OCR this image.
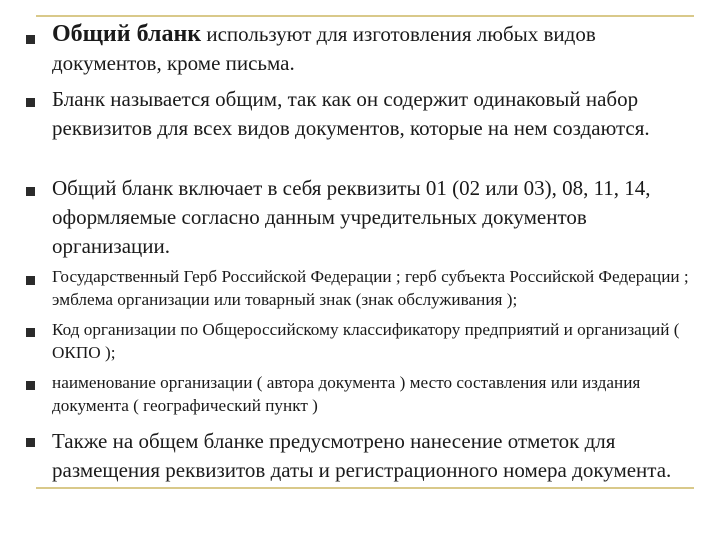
Общий бланк используют для изготовления любых видов документов, кроме письма.

Бланк называется общим, так как он содержит одинаковый набор реквизитов для всех видов документов, которые на нем создаются.

Общий бланк включает в себя реквизиты 01 (02 или 03), 08, 11, 14, оформляемые согласно данным учредительных документов организации.

Государственный Герб Российской Федерации ; герб субъекта Российской Федерации ; эмблема организации или товарный знак (знак обслуживания );

Код организации по Общероссийскому классификатору предприятий и организаций ( ОКПО );

наименование организации ( автора документа ) место составления или издания документа ( географический пункт )

Также на общем бланке предусмотрено нанесение отметок для размещения реквизитов даты и регистрационного номера документа.
